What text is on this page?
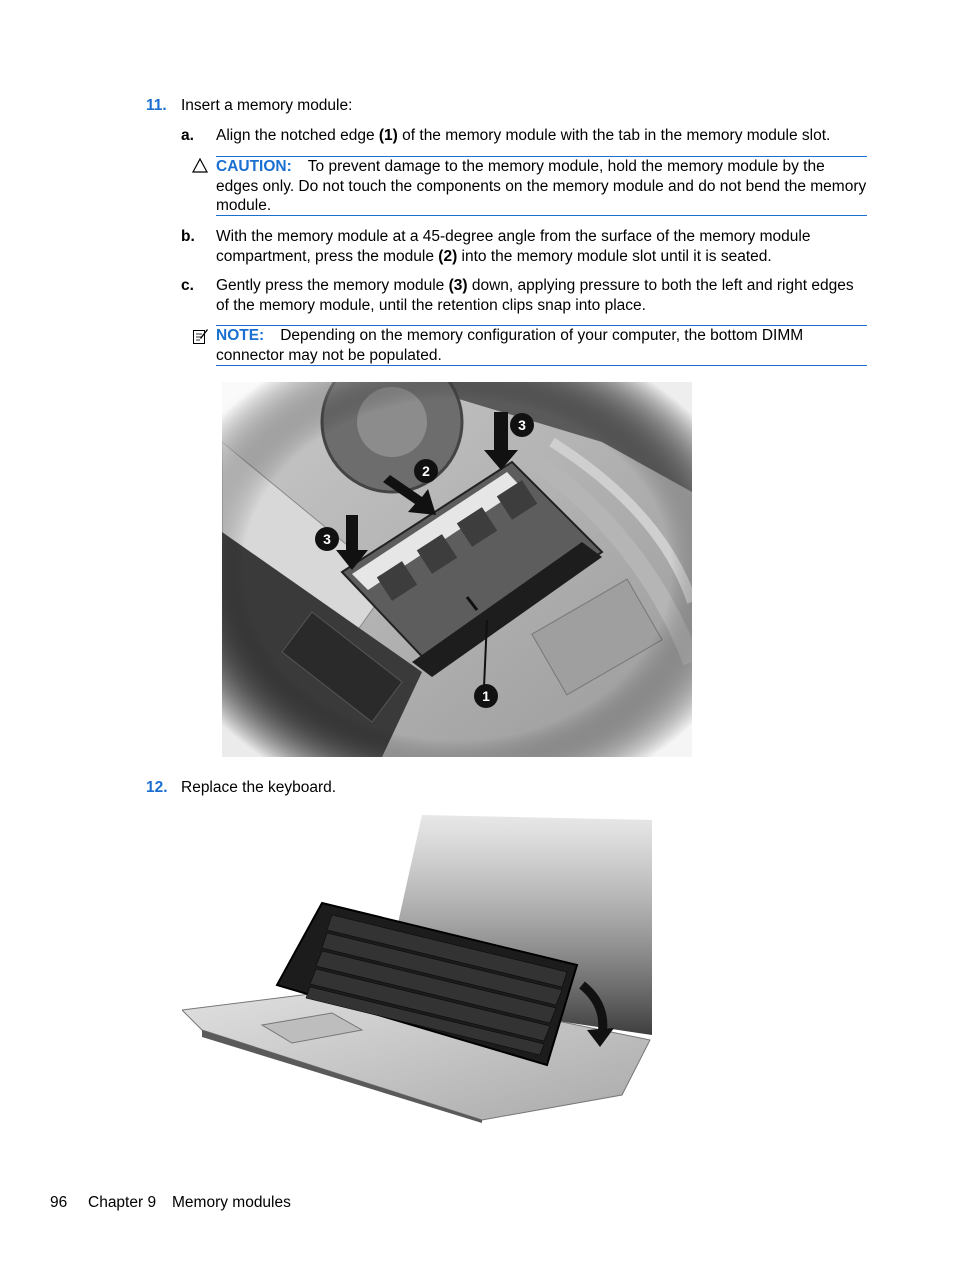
11. Insert a memory module:
a. Align the notched edge (1) of the memory module with the tab in the memory module slot.
CAUTION: To prevent damage to the memory module, hold the memory module by the edges only. Do not touch the components on the memory module and do not bend the memory module.
b. With the memory module at a 45-degree angle from the surface of the memory module compartment, press the module (2) into the memory module slot until it is seated.
c. Gently press the memory module (3) down, applying pressure to both the left and right edges of the memory module, until the retention clips snap into place.
NOTE: Depending on the memory configuration of your computer, the bottom DIMM connector may not be populated.
12. Replace the keyboard.
96 Chapter 9 Memory modules
